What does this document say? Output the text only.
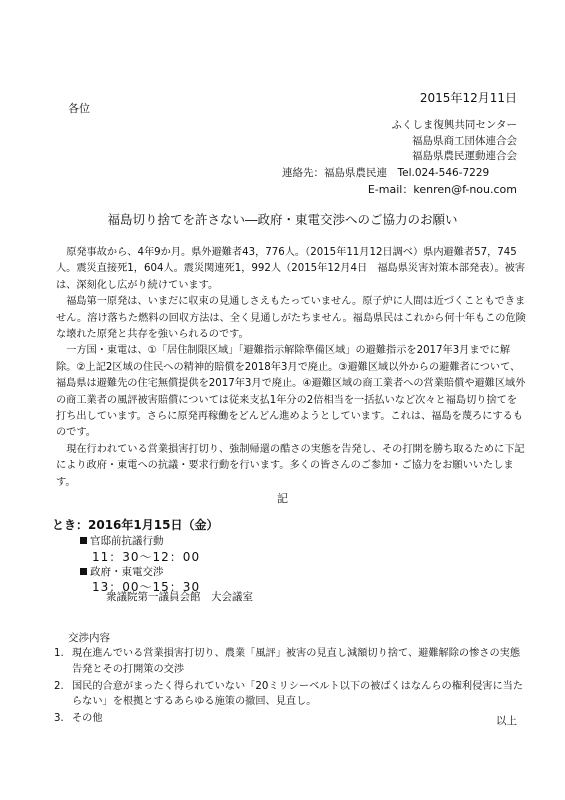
2015年12月11日
各位
ふくしま復興共同センター
福島県商工団体連合会
福島県農民運動連合会
連絡先：福島県農民連　Tel.024-546-7229
E-mail：kenren@f-nou.com
福島切り捨てを許さない―政府・東電交渉へのご協力のお願い

原発事故から、4年9か月。県外避難者43，776人。（2015年11月12日調べ）県内避難者57，745人。震災直接死1，604人。震災関連死1，992人（2015年12月4日　福島県災害対策本部発表）。被害は、深刻化し広がり続けています。

福島第一原発は、いまだに収束の見通しさえもたっていません。原子炉に人間は近づくこともできません。溶け落ちた燃料の回収方法は、全く見通しがたちません。福島県民はこれから何十年もこの危険な壊れた原発と共存を強いられるのです。

一方国・東電は、①「居住制限区域」「避難指示解除準備区域」の避難指示を2017年3月までに解除。②上記2区域の住民への精神的賠償を2018年3月で廃止。③避難区域以外からの避難者について、福島県は避難先の住宅無償提供を2017年3月で廃止。④避難区域の商工業者への営業賠償や避難区域外の商工業者の風評被害賠償については従来支払1年分の2倍相当を一括払いなど次々と福島切り捨てを打ち出しています。さらに原発再稼働をどんどん進めようとしています。これは、福島を蔑ろにするものです。

現在行われている営業損害打切り、強制帰還の酷さの実態を告発し、その打開を勝ち取るために下記により政府・東電への抗議・要求行動を行います。多くの皆さんのご参加・ご協力をお願いいたします。

記
とき：2016年1月15日（金）
官邸前抗議行動
11：30～12：00
政府・東電交渉
13：00～15：30
衆議院第一議員会館　大会議室
交渉内容
1. 現在進んでいる営業損害打切り、農業「風評」被害の見直し減額切り捨て、避難解除の惨さの実態告発とその打開策の交渉
2. 国民的合意がまったく得られていない「20ミリシーベルト以下の被ばくはなんらの権利侵害に当たらない」を根拠とするあらゆる施策の撤回、見直し。
3. その他	以上
